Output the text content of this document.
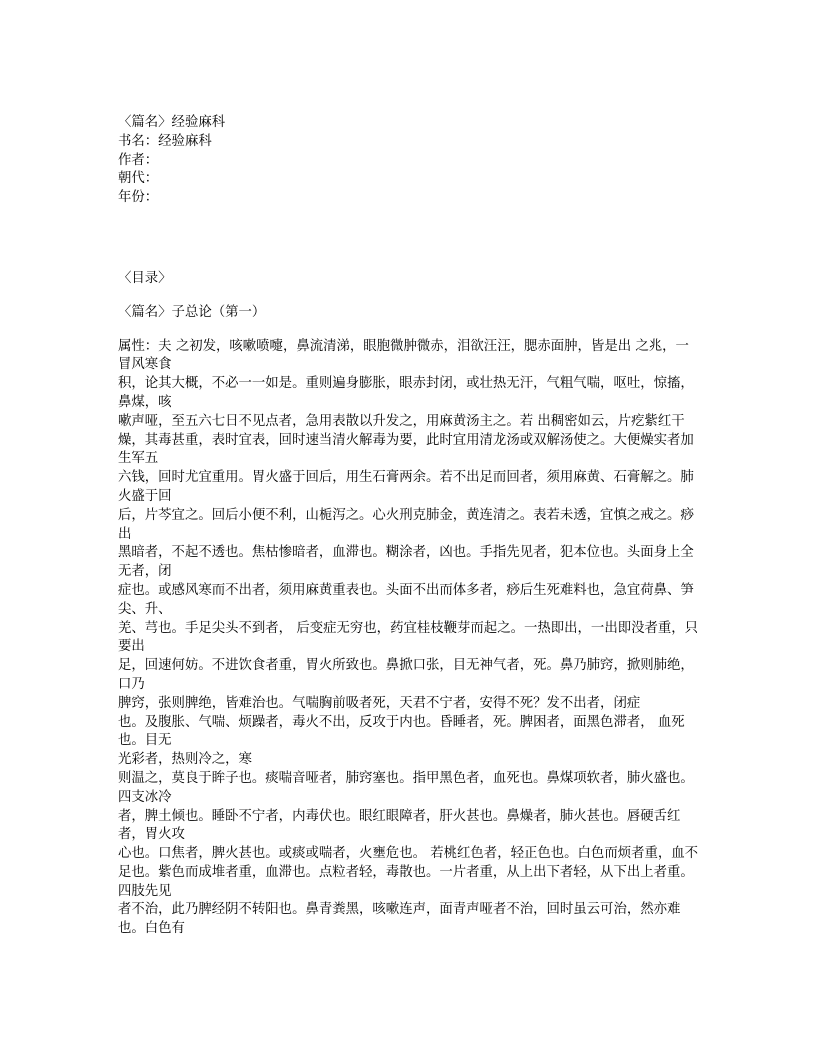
〈篇名〉经验麻科
书名：经验麻科
作者：
朝代：
年份：
〈目录〉
〈篇名〉子总论（第一）
属性：夫 之初发，咳嗽喷嚏，鼻流清涕，眼胞微肿微赤，泪欲汪汪，腮赤面肿，皆是出 之兆，一冒风寒食
积，论其大概，不必一一如是。重则遍身膨胀，眼赤封闭，或壮热无汗，气粗气喘，呕吐，惊搐，鼻煤，咳
嗽声哑，至五六七日不见点者，急用表散以升发之，用麻黄汤主之。若 出稠密如云，片疙紫红干
燥，其毒甚重，表时宜表，回时速当清火解毒为要，此时宜用清龙汤或双解汤使之。大便燥实者加生军五
六钱，回时尤宜重用。胃火盛于回后，用生石膏两余。若不出足而回者，须用麻黄、石膏解之。肺火盛于回
后，片芩宜之。回后小便不利，山栀泻之。心火刑克肺金，黄连清之。表若未透，宜慎之戒之。痧出
黑暗者，不起不透也。焦枯惨暗者，血滞也。糊涂者，凶也。手指先见者，犯本位也。头面身上全无者，闭
症也。或感风寒而不出者，须用麻黄重表也。头面不出而体多者，痧后生死难料也，急宜荷鼻、笋尖、升、
羌、芎也。手足尖头不到者， 后变症无穷也，药宜桂枝鞭芽而起之。一热即出，一出即没者重，只要出
足，回速何妨。不进饮食者重，胃火所致也。鼻掀口张，目无神气者，死。鼻乃肺窍，掀则肺绝，口乃
脾窍，张则脾绝，皆难治也。气喘胸前吸者死，天君不宁者，安得不死？发不出者，闭症
也。及腹胀、气喘、烦躁者，毒火不出，反攻于内也。昏睡者，死。脾困者，面黑色滞者， 血死也。目无
光彩者，热则冷之，寒
则温之，莫良于眸子也。痰喘音哑者，肺窍塞也。指甲黑色者，血死也。鼻煤项软者，肺火盛也。四支冰冷
者，脾土倾也。睡卧不宁者，内毒伏也。眼红眼障者，肝火甚也。鼻燥者，肺火甚也。唇硬舌红者，胃火攻
心也。口焦者，脾火甚也。或痰或喘者，火壅危也。 若桃红色者，轻正色也。白色而烦者重，血不
足也。紫色而成堆者重，血滞也。点粒者轻，毒散也。一片者重，从上出下者轻，从下出上者重。四肢先见
者不治，此乃脾经阴不转阳也。鼻青粪黑，咳嗽连声，面青声哑者不治，回时虽云可治，然亦难也。白色有
